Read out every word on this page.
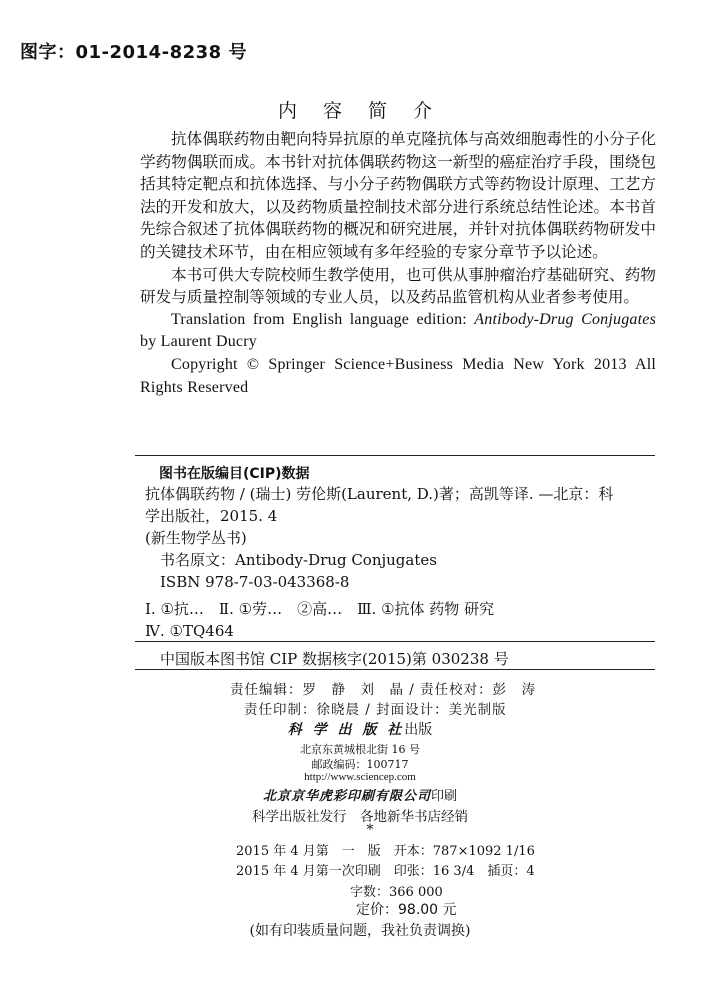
图字：01-2014-8238 号
内 容 简 介

抗体偶联药物由靶向特异抗原的单克隆抗体与高效细胞毒性的小分子化学药物偶联而成。本书针对抗体偶联药物这一新型的癌症治疗手段，围绕包括其特定靶点和抗体选择、与小分子药物偶联方式等药物设计原理、工艺方法的开发和放大，以及药物质量控制技术部分进行系统总结性论述。本书首先综合叙述了抗体偶联药物的概况和研究进展，并针对抗体偶联药物研发中的关键技术环节，由在相应领域有多年经验的专家分章节予以论述。

本书可供大专院校师生教学使用，也可供从事肿瘤治疗基础研究、药物研发与质量控制等领域的专业人员，以及药品监管机构从业者参考使用。

Translation from English language edition: Antibody-Drug Conjugates by Laurent Ducry

Copyright © Springer Science+Business Media New York 2013 All Rights Reserved

图书在版编目(CIP)数据
抗体偶联药物 / (瑞士) 劳伦斯(Laurent, D.)著；高凯等译. —北京：科
学出版社，2015. 4
(新生物学丛书)
书名原文：Antibody-Drug Conjugates
ISBN 978-7-03-043368-8
Ⅰ. ①抗…　Ⅱ. ①劳…　②高…　Ⅲ. ①抗体 药物 研究
Ⅳ. ①TQ464
中国版本图书馆 CIP 数据核字(2015)第 030238 号
责任编辑：罗　静　刘　晶 / 责任校对：彭　涛
责任印制：徐晓晨 / 封面设计：美光制版
科 学 出 版 社出版
北京东黄城根北街 16 号
邮政编码：100717
http://www.sciencep.com
北京京华虎彩印刷有限公司印刷
科学出版社发行　各地新华书店经销
*
2015 年 4 月第　一　版　开本：787×1092 1/16
2015 年 4 月第一次印刷　印张：16 3/4　插页：4
字数：366 000
定价：98.00 元
(如有印装质量问题，我社负责调换)
